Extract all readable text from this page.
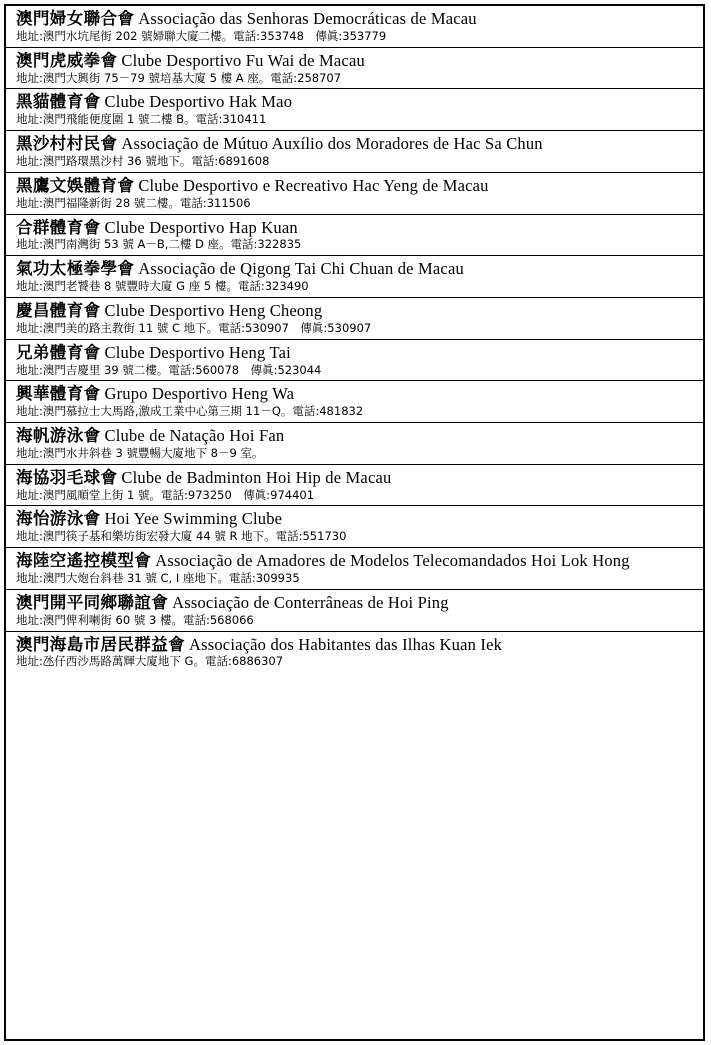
澳門婦女聯合會 Associação das Senhoras Democráticas de Macau
地址:澳門水坑尾街 202 號婦聯大廈二樓。電話:353748　傳眞:353779
澳門虎威拳會 Clube Desportivo Fu Wai de Macau
地址:澳門大興街 75－79 號培基大廈 5 樓 A 座。電話:258707
黑貓體育會 Clube Desportivo Hak Mao
地址:澳門飛能便度圍 1 號二樓 B。電話:310411
黑沙村村民會 Associação de Mútuo Auxílio dos Moradores de Hac Sa Chun
地址:澳門路環黑沙村 36 號地下。電話:6891608
黑鷹文娛體育會 Clube Desportivo e Recreativo Hac Yeng de Macau
地址:澳門福隆新街 28 號二樓。電話:311506
合群體育會 Clube Desportivo Hap Kuan
地址:澳門南灣街 53 號 A－B,二樓 D 座。電話:322835
氣功太極拳學會 Associação de Qigong Tai Chi Chuan de Macau
地址:澳門老饕巷 8 號豐時大廈 G 座 5 樓。電話:323490
慶昌體育會 Clube Desportivo Heng Cheong
地址:澳門美的路主教街 11 號 C 地下。電話:530907　傳眞:530907
兄弟體育會 Clube Desportivo Heng Tai
地址:澳門吉慶里 39 號二樓。電話:560078　傳眞:523044
興華體育會 Grupo Desportivo Heng Wa
地址:澳門慕拉士大馬路,激成工業中心第三期 11－Q。電話:481832
海帆游泳會 Clube de Natação Hoi Fan
地址:澳門水井斜巷 3 號豐暢大廈地下 8－9 室。
海協羽毛球會 Clube de Badminton Hoi Hip de Macau
地址:澳門風順堂上街 1 號。電話:973250　傳眞:974401
海怡游泳會 Hoi Yee Swimming Clube
地址:澳門筷子基和樂坊街宏發大廈 44 號 R 地下。電話:551730
海陸空遙控模型會 Associação de Amadores de Modelos Telecomandados Hoi Lok Hong
地址:澳門大炮台斜巷 31 號 C, I 座地下。電話:309935
澳門開平同鄉聯誼會 Associação de Conterrâneas de Hoi Ping
地址:澳門俾利喇街 60 號 3 樓。電話:568066
澳門海島市居民群益會 Associação dos Habitantes das Ilhas Kuan Iek
地址:氹仔西沙馬路萬輝大廈地下 G。電話:6886307
